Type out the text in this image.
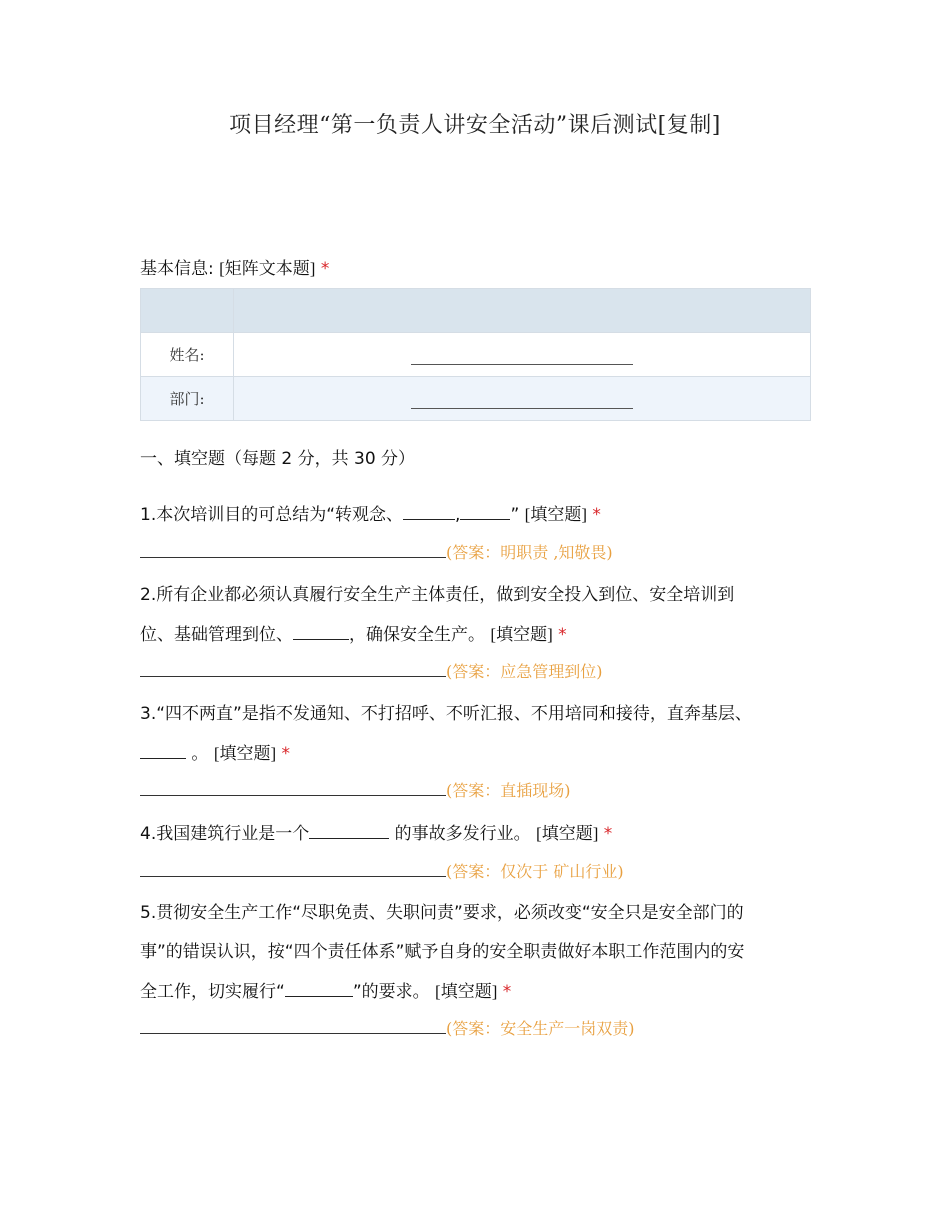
项目经理“第一负责人讲安全活动”课后测试[复制]
基本信息: [矩阵文本题] *

姓名:	
部门:	
一、填空题（每题 2 分，共 30 分）
1.本次培训目的可总结为“转观念、	,	” [填空题] *
(答案：明职责 ,知敬畏)
2.所有企业都必须认真履行安全生产主体责任，做到安全投入到位、安全培训到
位、基础管理到位、	，确保安全生产。 [填空题] *
(答案：应急管理到位)
3.“四不两直”是指不发通知、不打招呼、不听汇报、不用培同和接待，直奔基层、
。 [填空题] *
(答案：直插现场)
4.我国建筑行业是一个	的事故多发行业。 [填空题] *
(答案：仅次于 矿山行业)
5.贯彻安全生产工作“尽职免责、失职问责”要求，必须改变“安全只是安全部门的
事”的错误认识，按“四个责任体系”赋予自身的安全职责做好本职工作范围内的安
全工作，切实履行“	”的要求。 [填空题] *
(答案：安全生产一岗双责)
